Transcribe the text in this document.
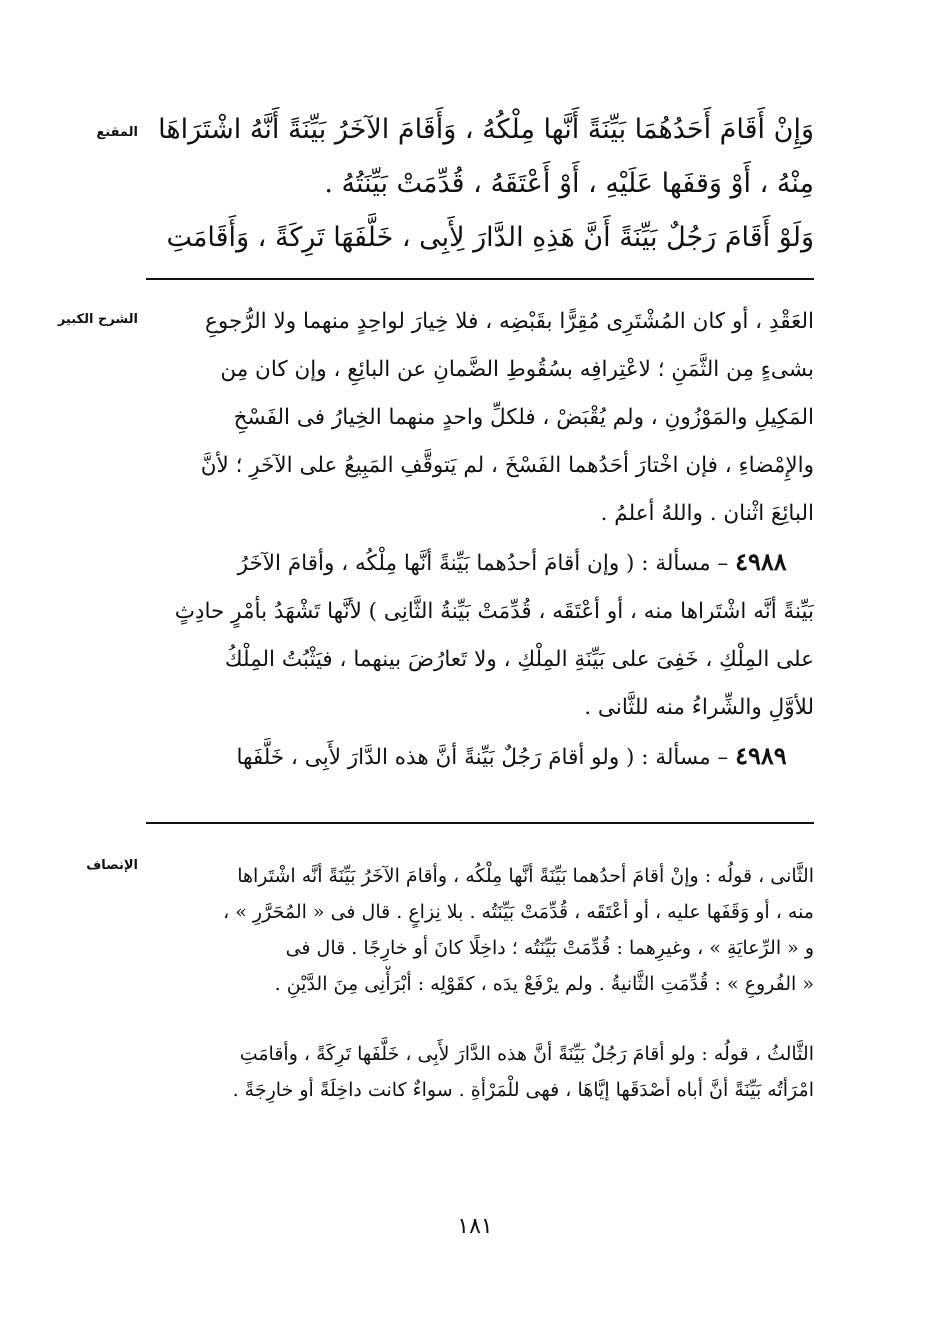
المقنع وَإِنْ أَقَامَ أَحَدُهُمَا بَيِّنَةً أَنَّها مِلْكُهُ ، وَأَقَامَ الآخَرُ بَيِّنَةً أَنَّهُ اشْتَرَاهَا
مِنْهُ ، أَوْ وَقفَها عَلَيْهِ ، أَوْ أَعْتَقَهُ ، قُدِّمَتْ بَيِّنَتُهُ .
وَلَوْ أَقَامَ رَجُلٌ بَيِّنَةً أَنَّ هَذِهِ الدَّارَ لِأَبِى ، خَلَّفَهَا تَرِكَةً ، وَأَقَامَتِ
الشرح الكبير	العَقْدِ ، أو كان المُشْتَرِى مُقِرًّا بقَبْضِه ، فلا خِيارَ لواحِدٍ منهما ولا الرُّجوعِ
بشىءٍ مِن الثَّمَنِ ؛ لاعْتِرافِه بسُقُوطِ الضَّمانِ عن البائِعِ ، وإن كان مِن
المَكِيلِ والمَوْزُونِ ، ولم يُقْبَضْ ، فلكلِّ واحدٍ منهما الخِيارُ فى الفَسْخِ
والإِمْضاءِ ، فإن اخْتارَ أحَدُهما الفَسْخَ ، لم يَتوقَّفِ المَبِيعُ على الآخَرِ ؛ لأنَّ
البائِعَ اثْنان . واللهُ أعلمُ .
٤٩٨٨ – مسألة : ( وإن أقامَ أحدُهما بَيِّنةً أنَّها مِلْكُه ، وأقامَ الآخَرُ
بَيِّنةً أنَّه اشْتَراها منه ، أو أعْتَقَه ، قُدِّمَتْ بَيِّنةُ الثَّانِى ) لأنَّها تَشْهَدُ بأمْرٍ حادِثٍ
على المِلْكِ ، خَفِىَ على بَيِّنَةِ المِلْكِ ، ولا تَعارُضَ بينهما ، فيَثْبُتُ المِلْكُ
للأوَّلِ والشِّراءُ منه للثَّانى .
٤٩٨٩ – مسألة : ( ولو أقامَ رَجُلٌ بَيِّنةً أنَّ هذه الدَّارَ لأَبِى ، خَلَّفَها
الإنصاف	الثَّانى ، قولُه : وإنْ أقامَ أحدُهما بَيِّنَةً أنَّها مِلْكُه ، وأقامَ الآخَرُ بَيِّنَةً أنَّه اشْتَراها
منه ، أو وَقَفَها عليه ، أو أعْتَقَه ، قُدِّمَتْ بَيِّنَتُه . بلا نِزاعٍ . قال فى « المُحَرَّرِ » ،
و « الرِّعايَةِ » ، وغيرِهما : قُدِّمَتْ بَيِّنَتُه ؛ داخِلًا كانَ أو خارِجًا . قال فى
« الفُروعِ » : قُدِّمَتِ الثَّانيةُ . ولم يرْفَعْ يدَه ، كقَوْلِه : أبْرَأْنِى مِنَ الدَّيْنِ .
الثَّالثُ ، قولُه : ولو أقامَ رَجُلٌ بَيِّنَةً أنَّ هذه الدَّارَ لأَبِى ، خَلَّفَها تَرِكَةً ، وأقامَتِ
امْرَأتُه بَيِّنَةً أنَّ أباه أصْدَقَها إيَّاهَا ، فهى للْمَرْأةِ . سواءٌ كانت داخِلَةً أو خارِجَةً .
١٨١
